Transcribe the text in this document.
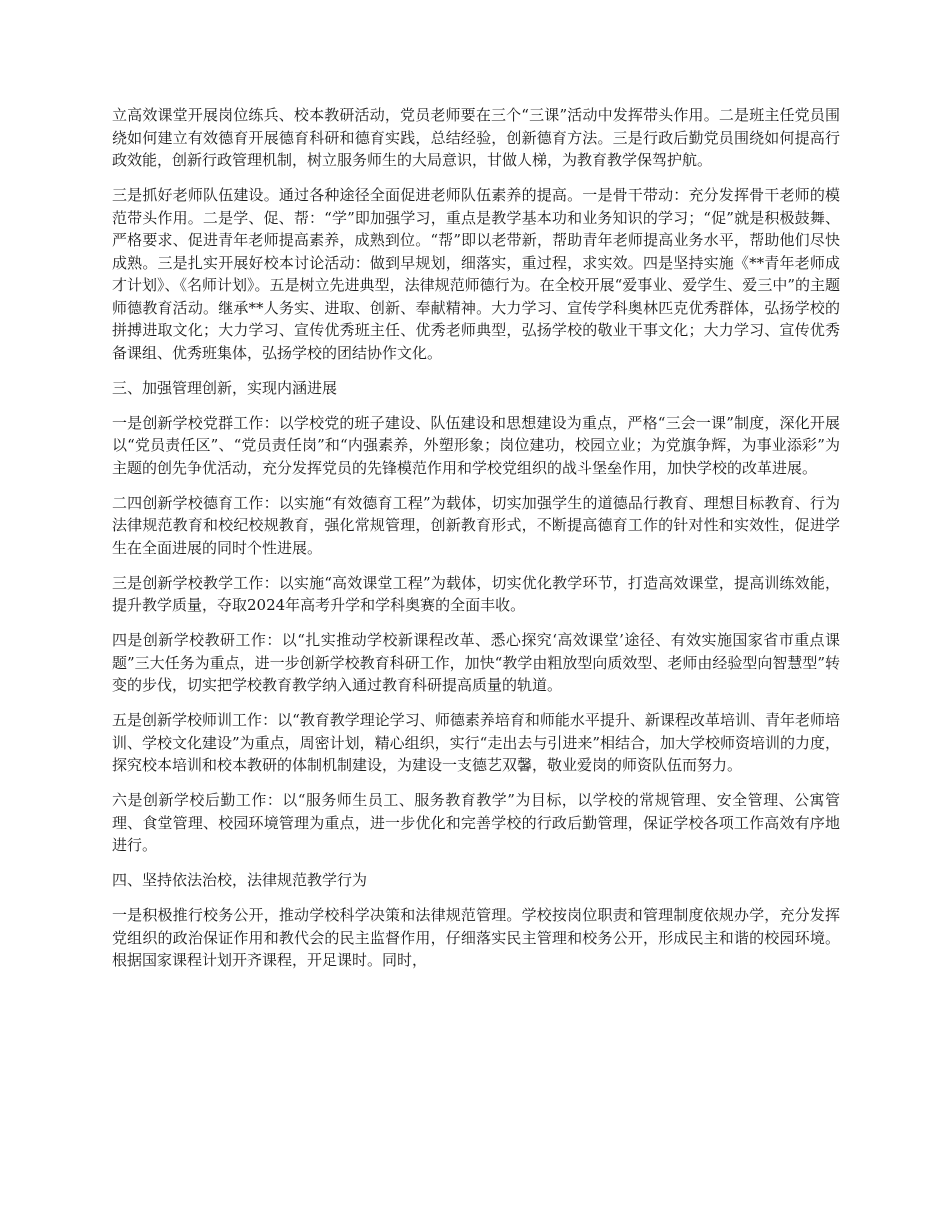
立高效课堂开展岗位练兵、校本教研活动，党员老师要在三个“三课”活动中发挥带头作用。二是班主任党员围绕如何建立有效德育开展德育科研和德育实践，总结经验，创新德育方法。三是行政后勤党员围绕如何提高行政效能，创新行政管理机制，树立服务师生的大局意识，甘做人梯，为教育教学保驾护航。

三是抓好老师队伍建设。通过各种途径全面促进老师队伍素养的提高。一是骨干带动：充分发挥骨干老师的模范带头作用。二是学、促、帮：“学”即加强学习，重点是教学基本功和业务知识的学习；“促”就是积极鼓舞、严格要求、促进青年老师提高素养，成熟到位。“帮”即以老带新，帮助青年老师提高业务水平，帮助他们尽快成熟。三是扎实开展好校本讨论活动：做到早规划，细落实，重过程，求实效。四是坚持实施《**青年老师成才计划》、《名师计划》。五是树立先进典型，法律规范师德行为。在全校开展“爱事业、爱学生、爱三中”的主题师德教育活动。继承**人务实、进取、创新、奉献精神。大力学习、宣传学科奥林匹克优秀群体，弘扬学校的拼搏进取文化；大力学习、宣传优秀班主任、优秀老师典型，弘扬学校的敬业干事文化；大力学习、宣传优秀备课组、优秀班集体，弘扬学校的团结协作文化。

三、加强管理创新，实现内涵进展

一是创新学校党群工作：以学校党的班子建设、队伍建设和思想建设为重点，严格“三会一课”制度，深化开展以“党员责任区”、“党员责任岗”和“内强素养，外塑形象；岗位建功，校园立业；为党旗争辉，为事业添彩”为主题的创先争优活动，充分发挥党员的先锋模范作用和学校党组织的战斗堡垒作用，加快学校的改革进展。

二四创新学校德育工作：以实施“有效德育工程”为载体，切实加强学生的道德品行教育、理想目标教育、行为法律规范教育和校纪校规教育，强化常规管理，创新教育形式，不断提高德育工作的针对性和实效性，促进学生在全面进展的同时个性进展。

三是创新学校教学工作：以实施“高效课堂工程”为载体，切实优化教学环节，打造高效课堂，提高训练效能，提升教学质量，夺取2024年高考升学和学科奥赛的全面丰收。

四是创新学校教研工作：以“扎实推动学校新课程改革、悉心探究‘高效课堂’途径、有效实施国家省市重点课题”三大任务为重点，进一步创新学校教育科研工作，加快“教学由粗放型向质效型、老师由经验型向智慧型”转变的步伐，切实把学校教育教学纳入通过教育科研提高质量的轨道。

五是创新学校师训工作：以“教育教学理论学习、师德素养培育和师能水平提升、新课程改革培训、青年老师培训、学校文化建设”为重点，周密计划，精心组织，实行“走出去与引进来”相结合，加大学校师资培训的力度，探究校本培训和校本教研的体制机制建设，为建设一支德艺双馨，敬业爱岗的师资队伍而努力。

六是创新学校后勤工作：以“服务师生员工、服务教育教学”为目标，以学校的常规管理、安全管理、公寓管理、食堂管理、校园环境管理为重点，进一步优化和完善学校的行政后勤管理，保证学校各项工作高效有序地进行。

四、坚持依法治校，法律规范教学行为

一是积极推行校务公开，推动学校科学决策和法律规范管理。学校按岗位职责和管理制度依规办学，充分发挥党组织的政治保证作用和教代会的民主监督作用，仔细落实民主管理和校务公开，形成民主和谐的校园环境。根据国家课程计划开齐课程，开足课时。同时，
